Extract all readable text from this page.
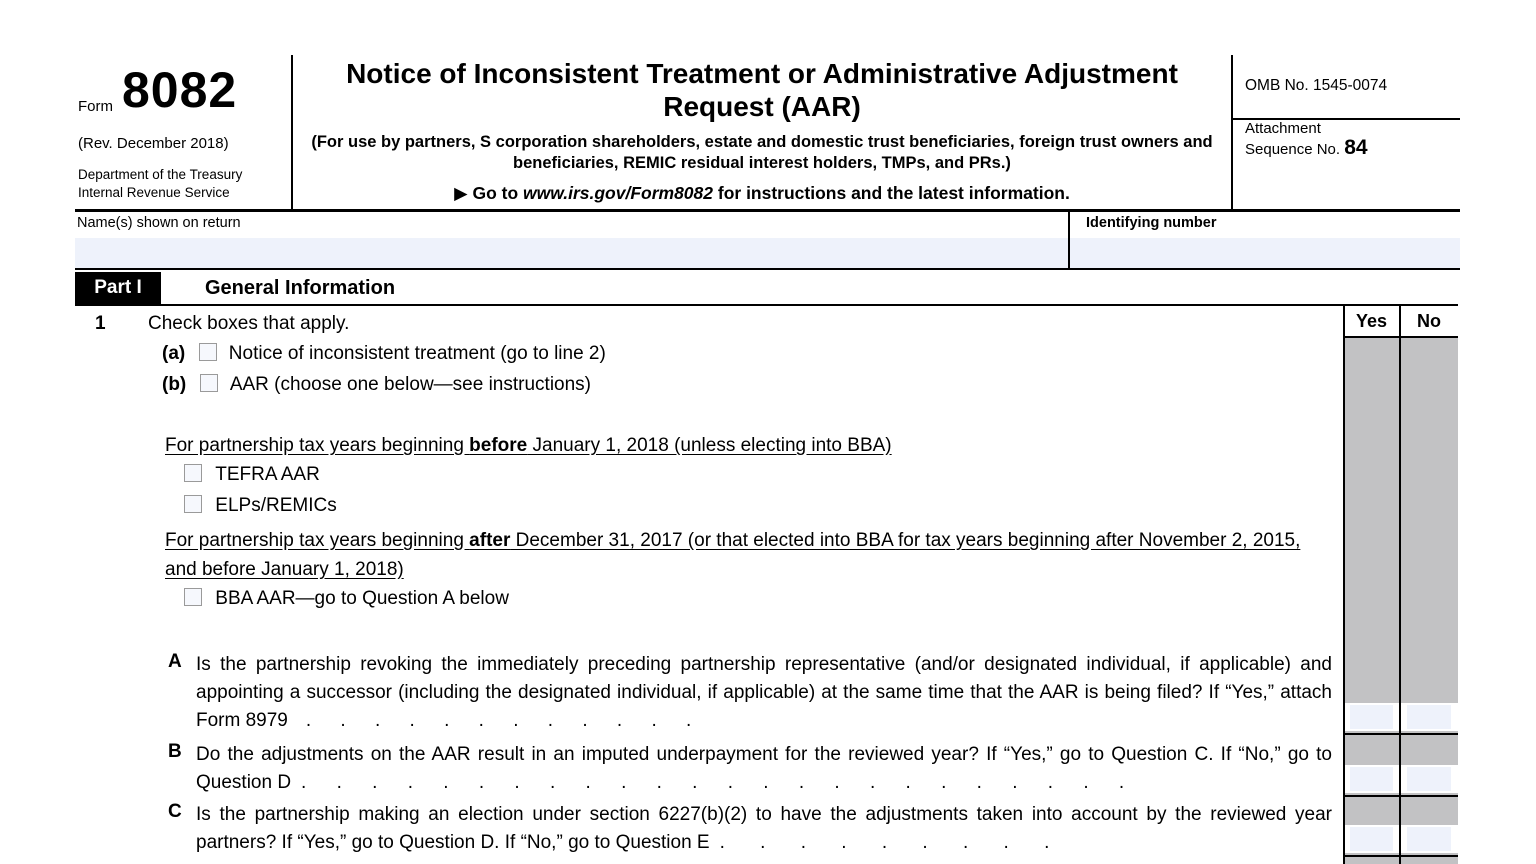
Form 8082
(Rev. December 2018)
Department of the Treasury
Internal Revenue Service
Notice of Inconsistent Treatment or Administrative Adjustment Request (AAR)
(For use by partners, S corporation shareholders, estate and domestic trust beneficiaries, foreign trust owners and beneficiaries, REMIC residual interest holders, TMPs, and PRs.)
▶ Go to www.irs.gov/Form8082 for instructions and the latest information.
OMB No. 1545-0074
Attachment
Sequence No. 84
Name(s) shown on return	Identifying number
Part I	General Information
1 Check boxes that apply.
(a) Notice of inconsistent treatment (go to line 2)
(b) AAR (choose one below—see instructions)
For partnership tax years beginning before January 1, 2018 (unless electing into BBA)
TEFRA AAR
ELPs/REMICs
For partnership tax years beginning after December 31, 2017 (or that elected into BBA for tax years beginning after November 2, 2015, and before January 1, 2018)
BBA AAR—go to Question A below
A Is the partnership revoking the immediately preceding partnership representative (and/or designated individual, if applicable) and appointing a successor (including the designated individual, if applicable) at the same time that the AAR is being filed? If “Yes,” attach Form 8979 . . . . . . . . . . . .
B Do the adjustments on the AAR result in an imputed underpayment for the reviewed year? If “Yes,” go to Question C. If “No,” go to Question D . . . . . . . . . . . . . . . . . . . . . . . .
C Is the partnership making an election under section 6227(b)(2) to have the adjustments taken into account by the reviewed year partners? If “Yes,” go to Question D. If “No,” go to Question E . . . . . . . . .
Yes	No
